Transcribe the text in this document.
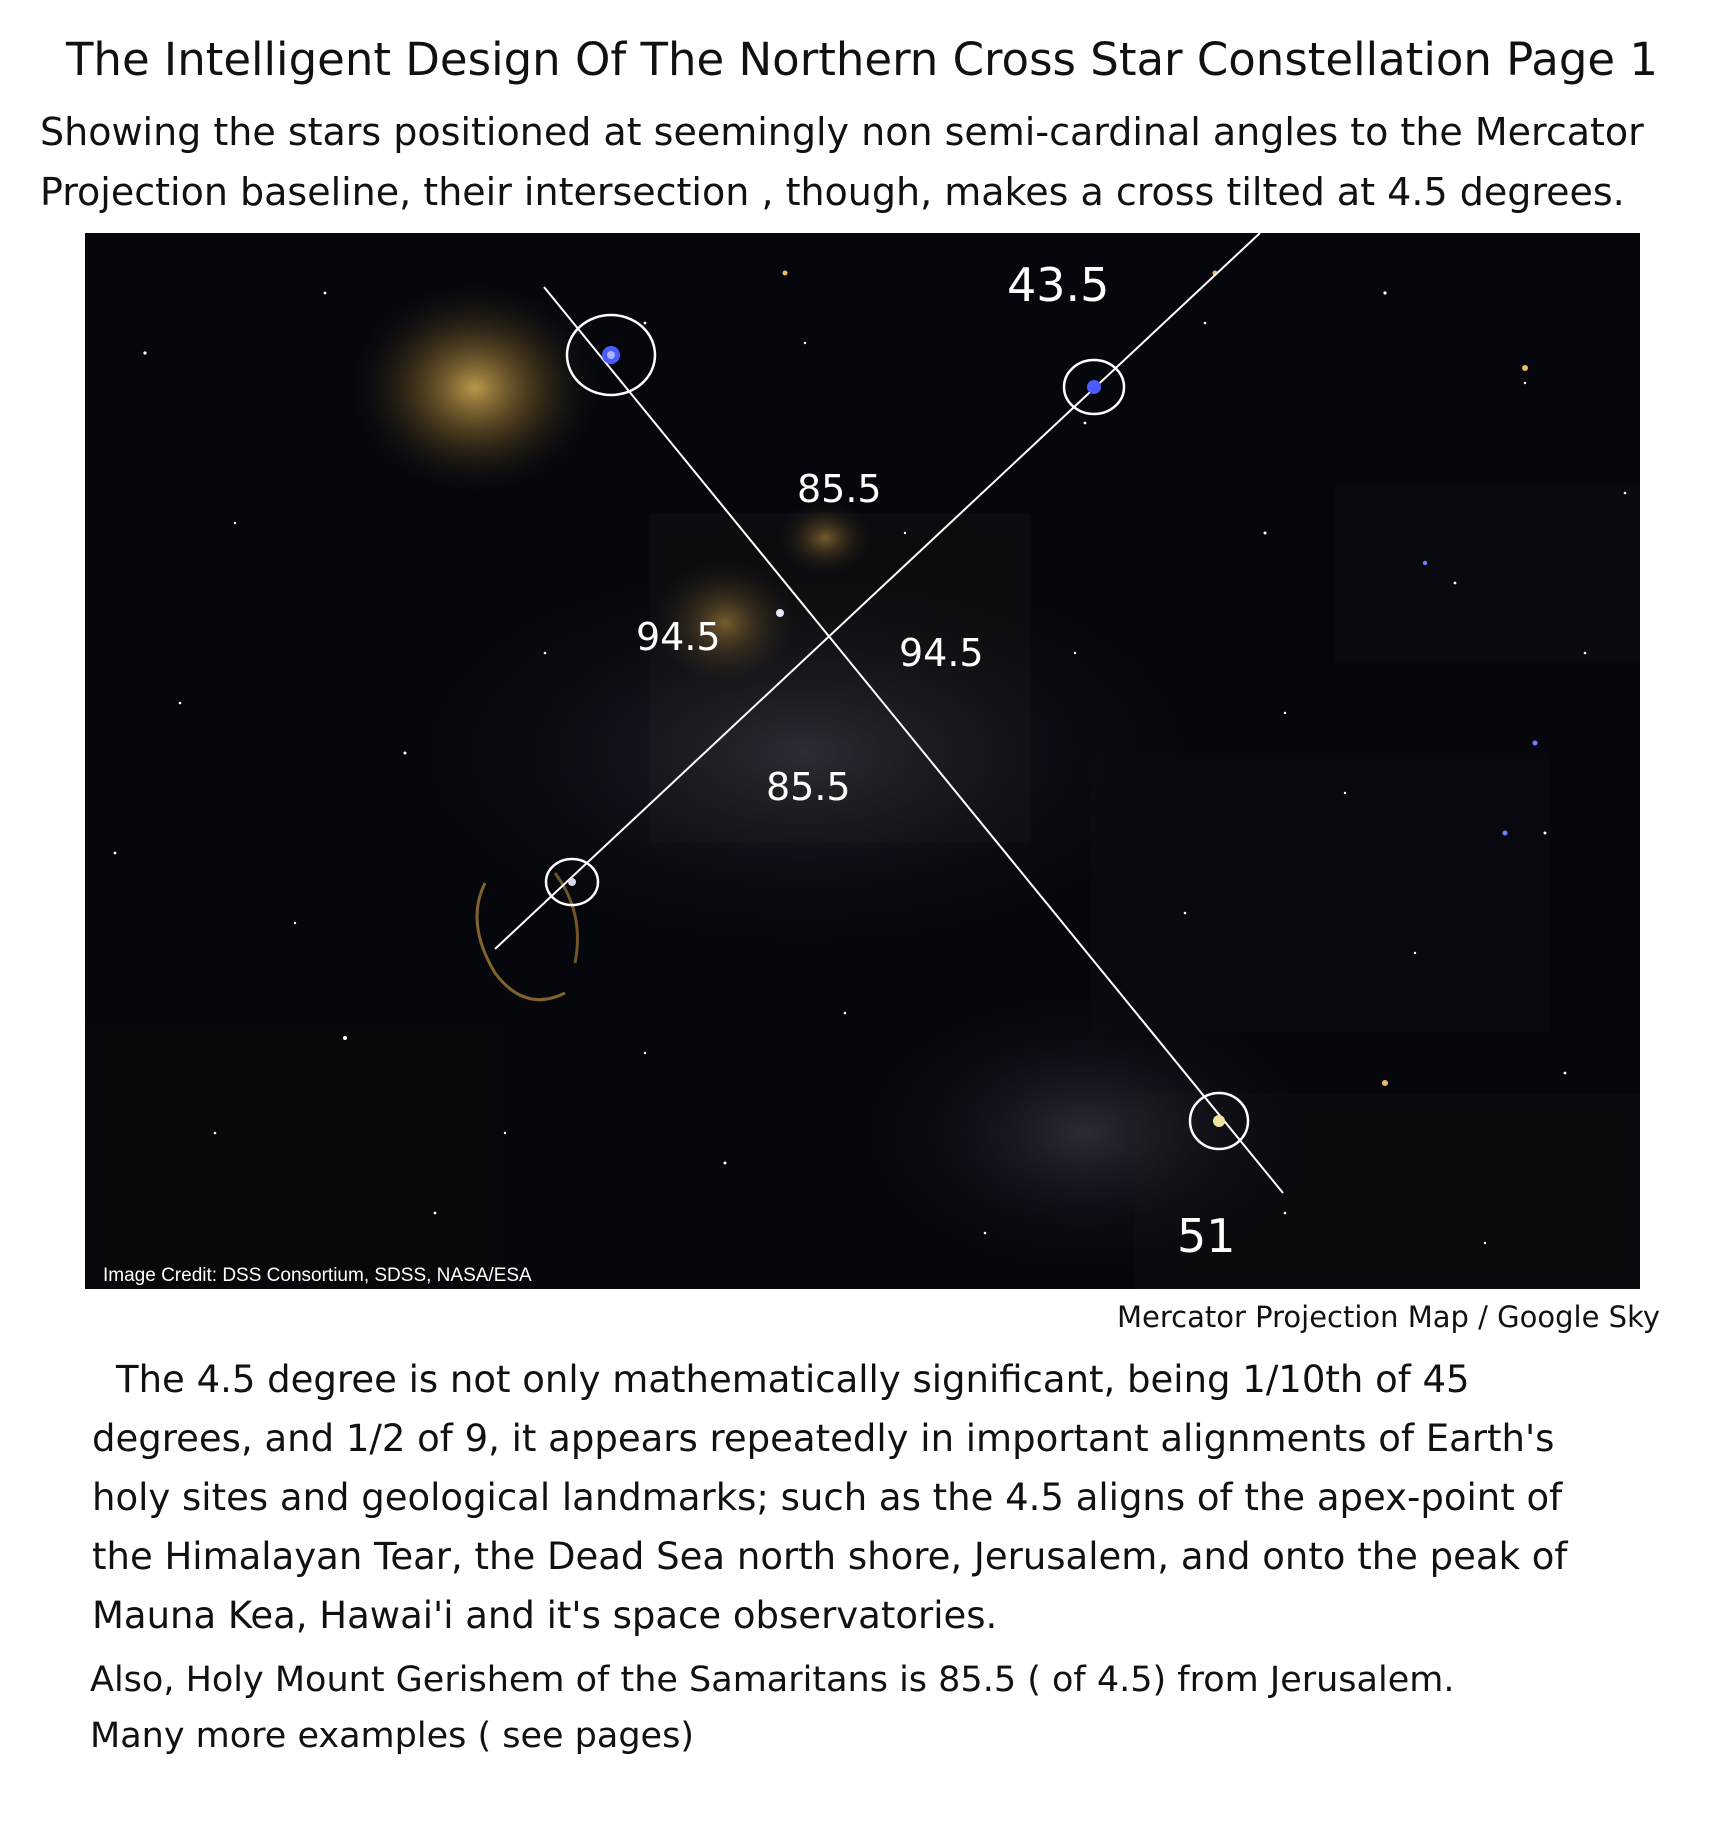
The Intelligent Design Of The Northern Cross Star Constellation Page 1
Showing the stars positioned at seemingly non semi-cardinal angles to the Mercator
Projection baseline, their intersection , though, makes a cross tilted at 4.5 degrees.
43.5
85.5
94.5	94.5
85.5
51
Image Credit: DSS Consortium, SDSS, NASA/ESA
Mercator Projection Map / Google Sky
The 4.5 degree is not only mathematically significant, being 1/10th of 45
degrees, and 1/2 of 9, it appears repeatedly in important alignments of Earth's
holy sites and geological landmarks; such as the 4.5 aligns of the apex-point of
the Himalayan Tear, the Dead Sea north shore, Jerusalem, and onto the peak of
Mauna Kea, Hawai'i and it's space observatories.
Also, Holy Mount Gerishem of the Samaritans is 85.5 ( of 4.5) from Jerusalem.
Many more examples ( see pages)
